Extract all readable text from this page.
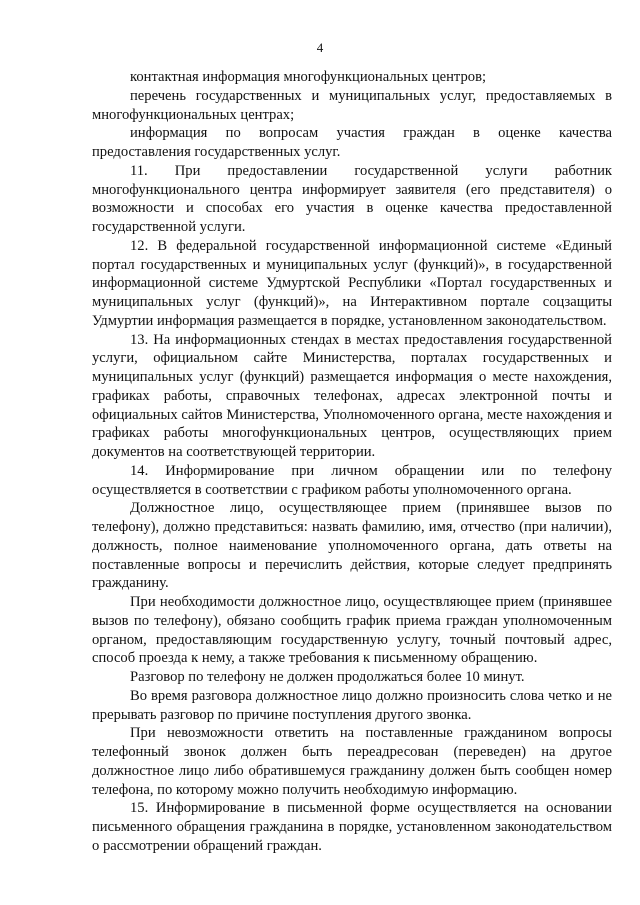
4

контактная информация многофункциональных центров;

перечень государственных и муниципальных услуг, предоставляемых в многофункциональных центрах;

информация по вопросам участия граждан в оценке качества предоставления государственных услуг.

11. При предоставлении государственной услуги работник многофункционального центра информирует заявителя (его представителя) о возможности и способах его участия в оценке качества предоставленной государственной услуги.

12. В федеральной государственной информационной системе «Единый портал государственных и муниципальных услуг (функций)», в государственной информационной системе Удмуртской Республики «Портал государственных и муниципальных услуг (функций)», на Интерактивном портале соцзащиты Удмуртии информация размещается в порядке, установленном законодательством.

13. На информационных стендах в местах предоставления государственной услуги, официальном сайте Министерства, порталах государственных и муниципальных услуг (функций) размещается информация о месте нахождения, графиках работы, справочных телефонах, адресах электронной почты и официальных сайтов Министерства, Уполномоченного органа, месте нахождения и графиках работы многофункциональных центров, осуществляющих прием документов на соответствующей территории.

14. Информирование при личном обращении или по телефону осуществляется в соответствии с графиком работы уполномоченного органа.

Должностное лицо, осуществляющее прием (принявшее вызов по телефону), должно представиться: назвать фамилию, имя, отчество (при наличии), должность, полное наименование уполномоченного органа, дать ответы на поставленные вопросы и перечислить действия, которые следует предпринять гражданину.

При необходимости должностное лицо, осуществляющее прием (принявшее вызов по телефону), обязано сообщить график приема граждан уполномоченным органом, предоставляющим государственную услугу, точный почтовый адрес, способ проезда к нему, а также требования к письменному обращению.

Разговор по телефону не должен продолжаться более 10 минут.

Во время разговора должностное лицо должно произносить слова четко и не прерывать разговор по причине поступления другого звонка.

При невозможности ответить на поставленные гражданином вопросы телефонный звонок должен быть переадресован (переведен) на другое должностное лицо либо обратившемуся гражданину должен быть сообщен номер телефона, по которому можно получить необходимую информацию.

15. Информирование в письменной форме осуществляется на основании письменного обращения гражданина в порядке, установленном законодательством о рассмотрении обращений граждан.
